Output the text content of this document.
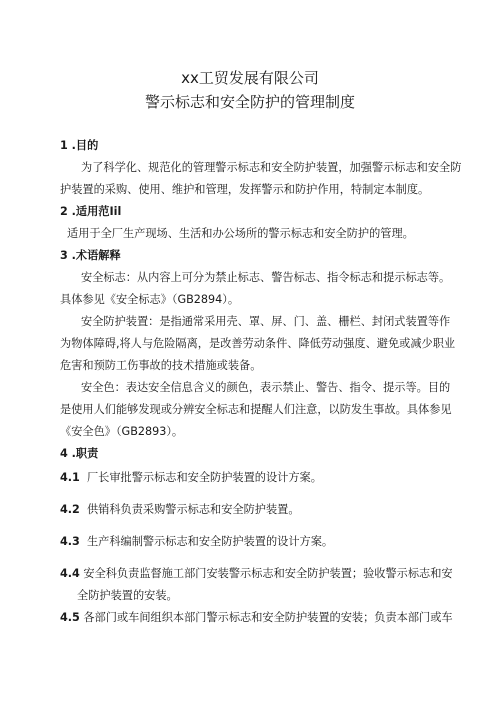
xx工贸发展有限公司
警示标志和安全防护的管理制度
1 .目的
为了科学化、规范化的管理警示标志和安全防护装置，加强警示标志和安全防
护装置的采购、使用、维护和管理，发挥警示和防护作用，特制定本制度。
2 .适用范Iil
适用于全厂生产现场、生活和办公场所的警示标志和安全防护的管理。
3 .术语解释
安全标志：从内容上可分为禁止标志、警告标志、指令标志和提示标志等。
具体参见《安全标志》（GB2894）。
安全防护装置：是指通常采用壳、罩、屏、门、盖、栅栏、封闭式装置等作
为物体障碍,将人与危险隔离，是改善劳动条件、降低劳动强度、避免或减少职业
危害和预防工伤事故的技术措施或装备。
安全色：表达安全信息含义的颜色，表示禁止、警告、指令、提示等。目的
是使用人们能够发现或分辨安全标志和提醒人们注意，以防发生事故。具体参见
《安全色》（GB2893）。
4 .职责
4.1 厂长审批警示标志和安全防护装置的设计方案。
4.2 供销科负责采购警示标志和安全防护装置。
4.3 生产科编制警示标志和安全防护装置的设计方案。
4.4 安全科负责监督施工部门安装警示标志和安全防护装置；验收警示标志和安
全防护装置的安装。
4.5 各部门或车间组织本部门警示标志和安全防护装置的安装；负责本部门或车
